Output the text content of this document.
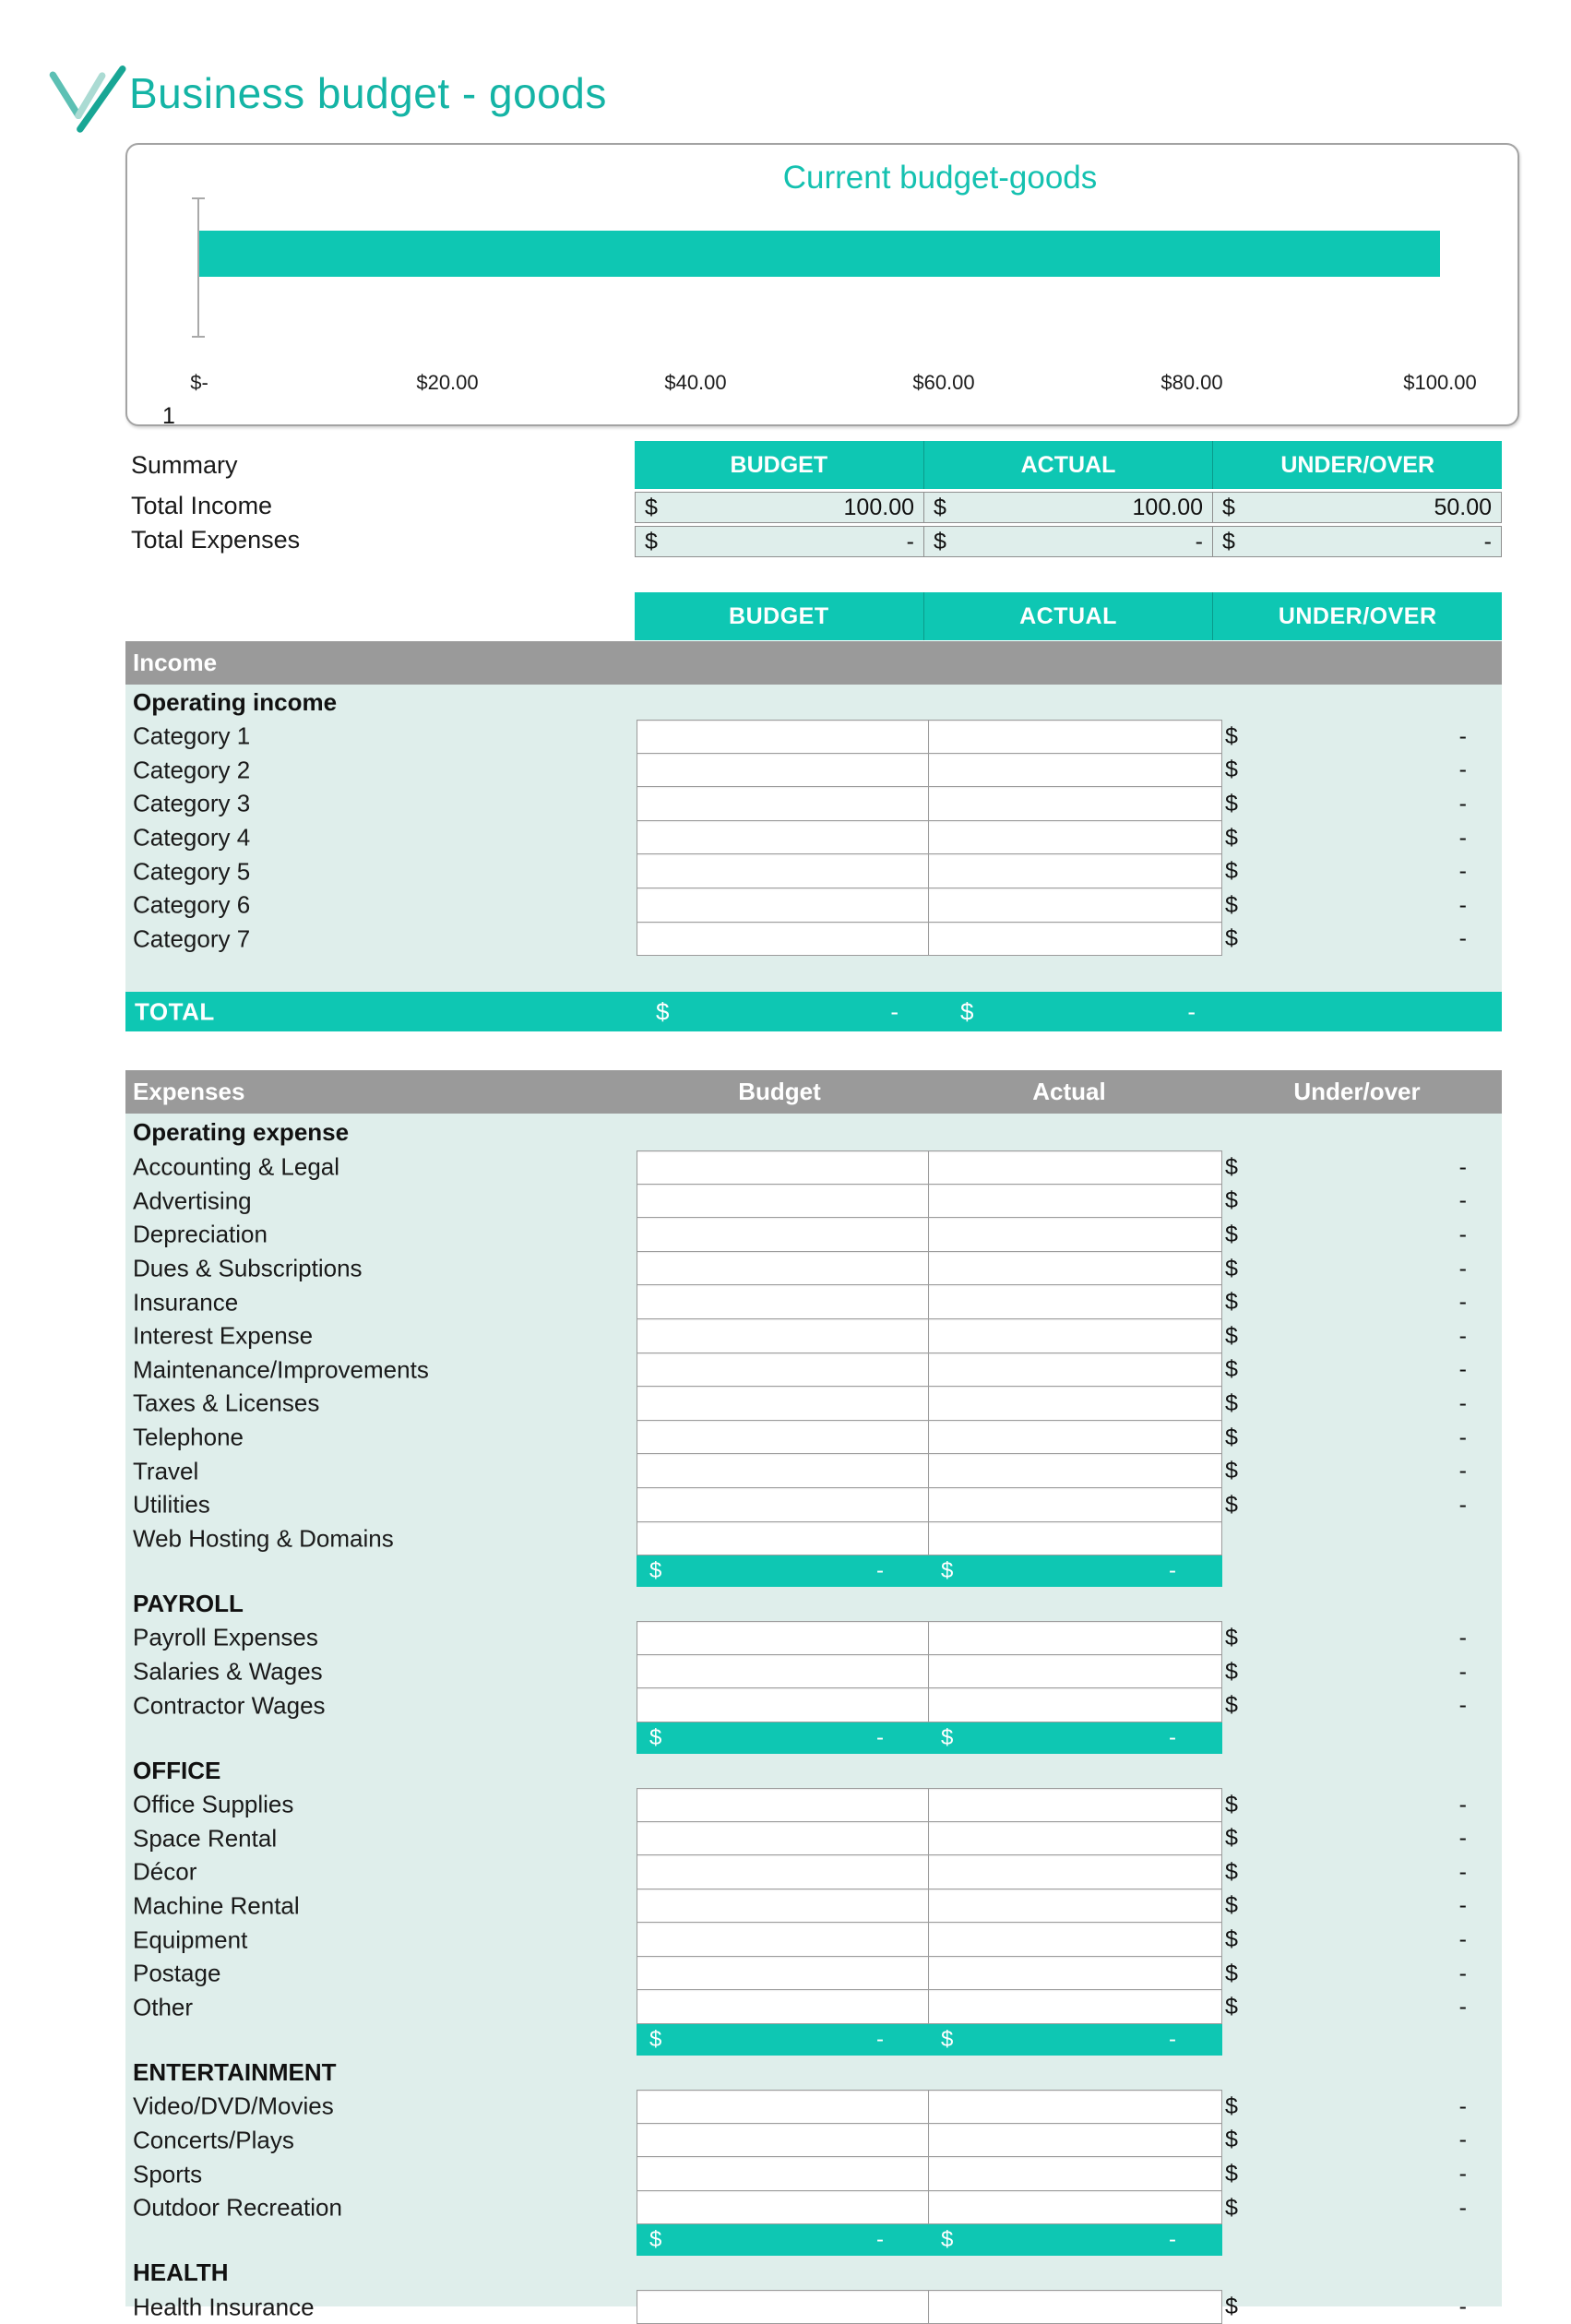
Business budget - goods
Current budget-goods
1
$-	$20.00	$40.00	$60.00	$80.00	$100.00
Summary	BUDGET	ACTUAL	UNDER/OVER
Total Income	$	100.00 $	100.00 $	50.00
Total Expenses	$	- $	- $	-
BUDGET	ACTUAL	UNDER/OVER
Income
Operating income
Category 1	$	-
Category 2	$	-
Category 3	$	-
Category 4	$	-
Category 5	$	-
Category 6	$	-
Category 7	$	-
TOTAL	$	-	$	-
Expenses	Budget	Actual	Under/over
Operating expense
Accounting & Legal	$	-
Advertising	$	-
Depreciation	$	-
Dues & Subscriptions	$	-
Insurance	$	-
Interest Expense	$	-
Maintenance/Improvements	$	-
Taxes & Licenses	$	-
Telephone	$	-
Travel	$	-
Utilities	$	-
Web Hosting & Domains
$	-	$	-
PAYROLL
Payroll Expenses	$	-
Salaries & Wages	$	-
Contractor Wages	$	-
$	-	$	-
OFFICE
Office Supplies	$	-
Space Rental	$	-
Décor	$	-
Machine Rental	$	-
Equipment	$	-
Postage	$	-
Other	$	-
$	-	$	-
ENTERTAINMENT
Video/DVD/Movies	$	-
Concerts/Plays	$	-
Sports	$	-
Outdoor Recreation	$	-
$	-	$	-
HEALTH
Health Insurance	$	-
